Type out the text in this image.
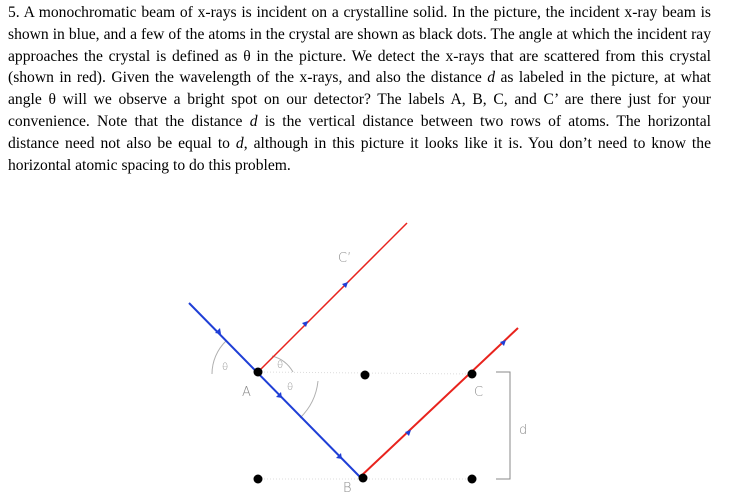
5. A monochromatic beam of x-rays is incident on a crystalline solid. In the picture, the incident x-ray beam is shown in blue, and a few of the atoms in the crystal are shown as black dots. The angle at which the incident ray approaches the crystal is defined as θ in the picture. We detect the x-rays that are scattered from this crystal (shown in red). Given the wavelength of the x-rays, and also the distance d as labeled in the picture, at what angle θ will we observe a bright spot on our detector? The labels A, B, C, and C’ are there just for your convenience. Note that the distance d is the vertical distance between two rows of atoms. The horizontal distance need not also be equal to d, although in this picture it looks like it is. You don’t need to know the horizontal atomic spacing to do this problem.

C’
A
B
C
d
θ	θ
θ
